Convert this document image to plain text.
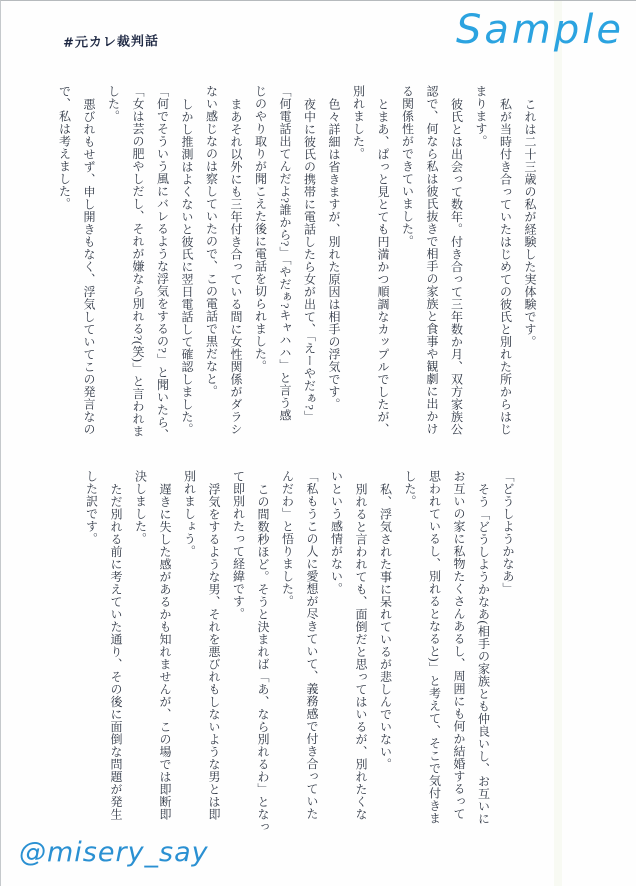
#元カレ裁判話	Sample
これは二十三歳の私が経験した実体験です。
私が当時付き合っていたはじめての彼氏と別れた所からはじ
まります。
彼氏とは出会って数年。付き合って三年数か月、双方家族公
認で、何なら私は彼氏抜きで相手の家族と食事や観劇に出かけ
る関係性ができていました。
とまあ、ぱっと見とても円満かつ順調なカップルでしたが、
別れました。
色々詳細は省きますが、別れた原因は相手の浮気です。
夜中に彼氏の携帯に電話したら女が出て、「えーやだぁ?」
「何電話出てんだよ?誰から?」「やだぁ?キャハハ」と言う感
じのやり取りが聞こえた後に電話を切られました。
まあそれ以外にも三年付き合っている間に女性関係がダラシ
ない感じなのは察していたので、この電話で黒だなと。
しかし推測はよくないと彼氏に翌日電話して確認しました。
「何でそういう風にバレるような浮気をするの?」と聞いたら、
「女は芸の肥やしだし、それが嫌なら別れる?(笑)」と言われま
した。
悪びれもせず、申し開きもなく、浮気していてこの発言なの
で、私は考えました。
「どうしようかなあ」
そう「どうしようかなあ(相手の家族とも仲良いし、お互いに
お互いの家に私物たくさんあるし、周囲にも何か結婚するって
思われているし、別れるとなると)」と考えて、そこで気付きま
した。
私、浮気された事に呆れているが悲しんでいない。
別れると言われても、面倒だと思ってはいるが、別れたくな
いという感情がない。
「私もうこの人に愛想が尽きていて、義務感で付き合っていた
んだわ」と悟りました。
この間数秒ほど。そうと決まれば「あ、なら別れるわ」となっ
て即別れたって経緯です。
浮気をするような男、それを悪びれもしないような男とは即
別れましょう。
遅きに失した感があるかも知れませんが、この場では即断即
決しました。
ただ別れる前に考えていた通り、その後に面倒な問題が発生
した訳です。
@misery_say
